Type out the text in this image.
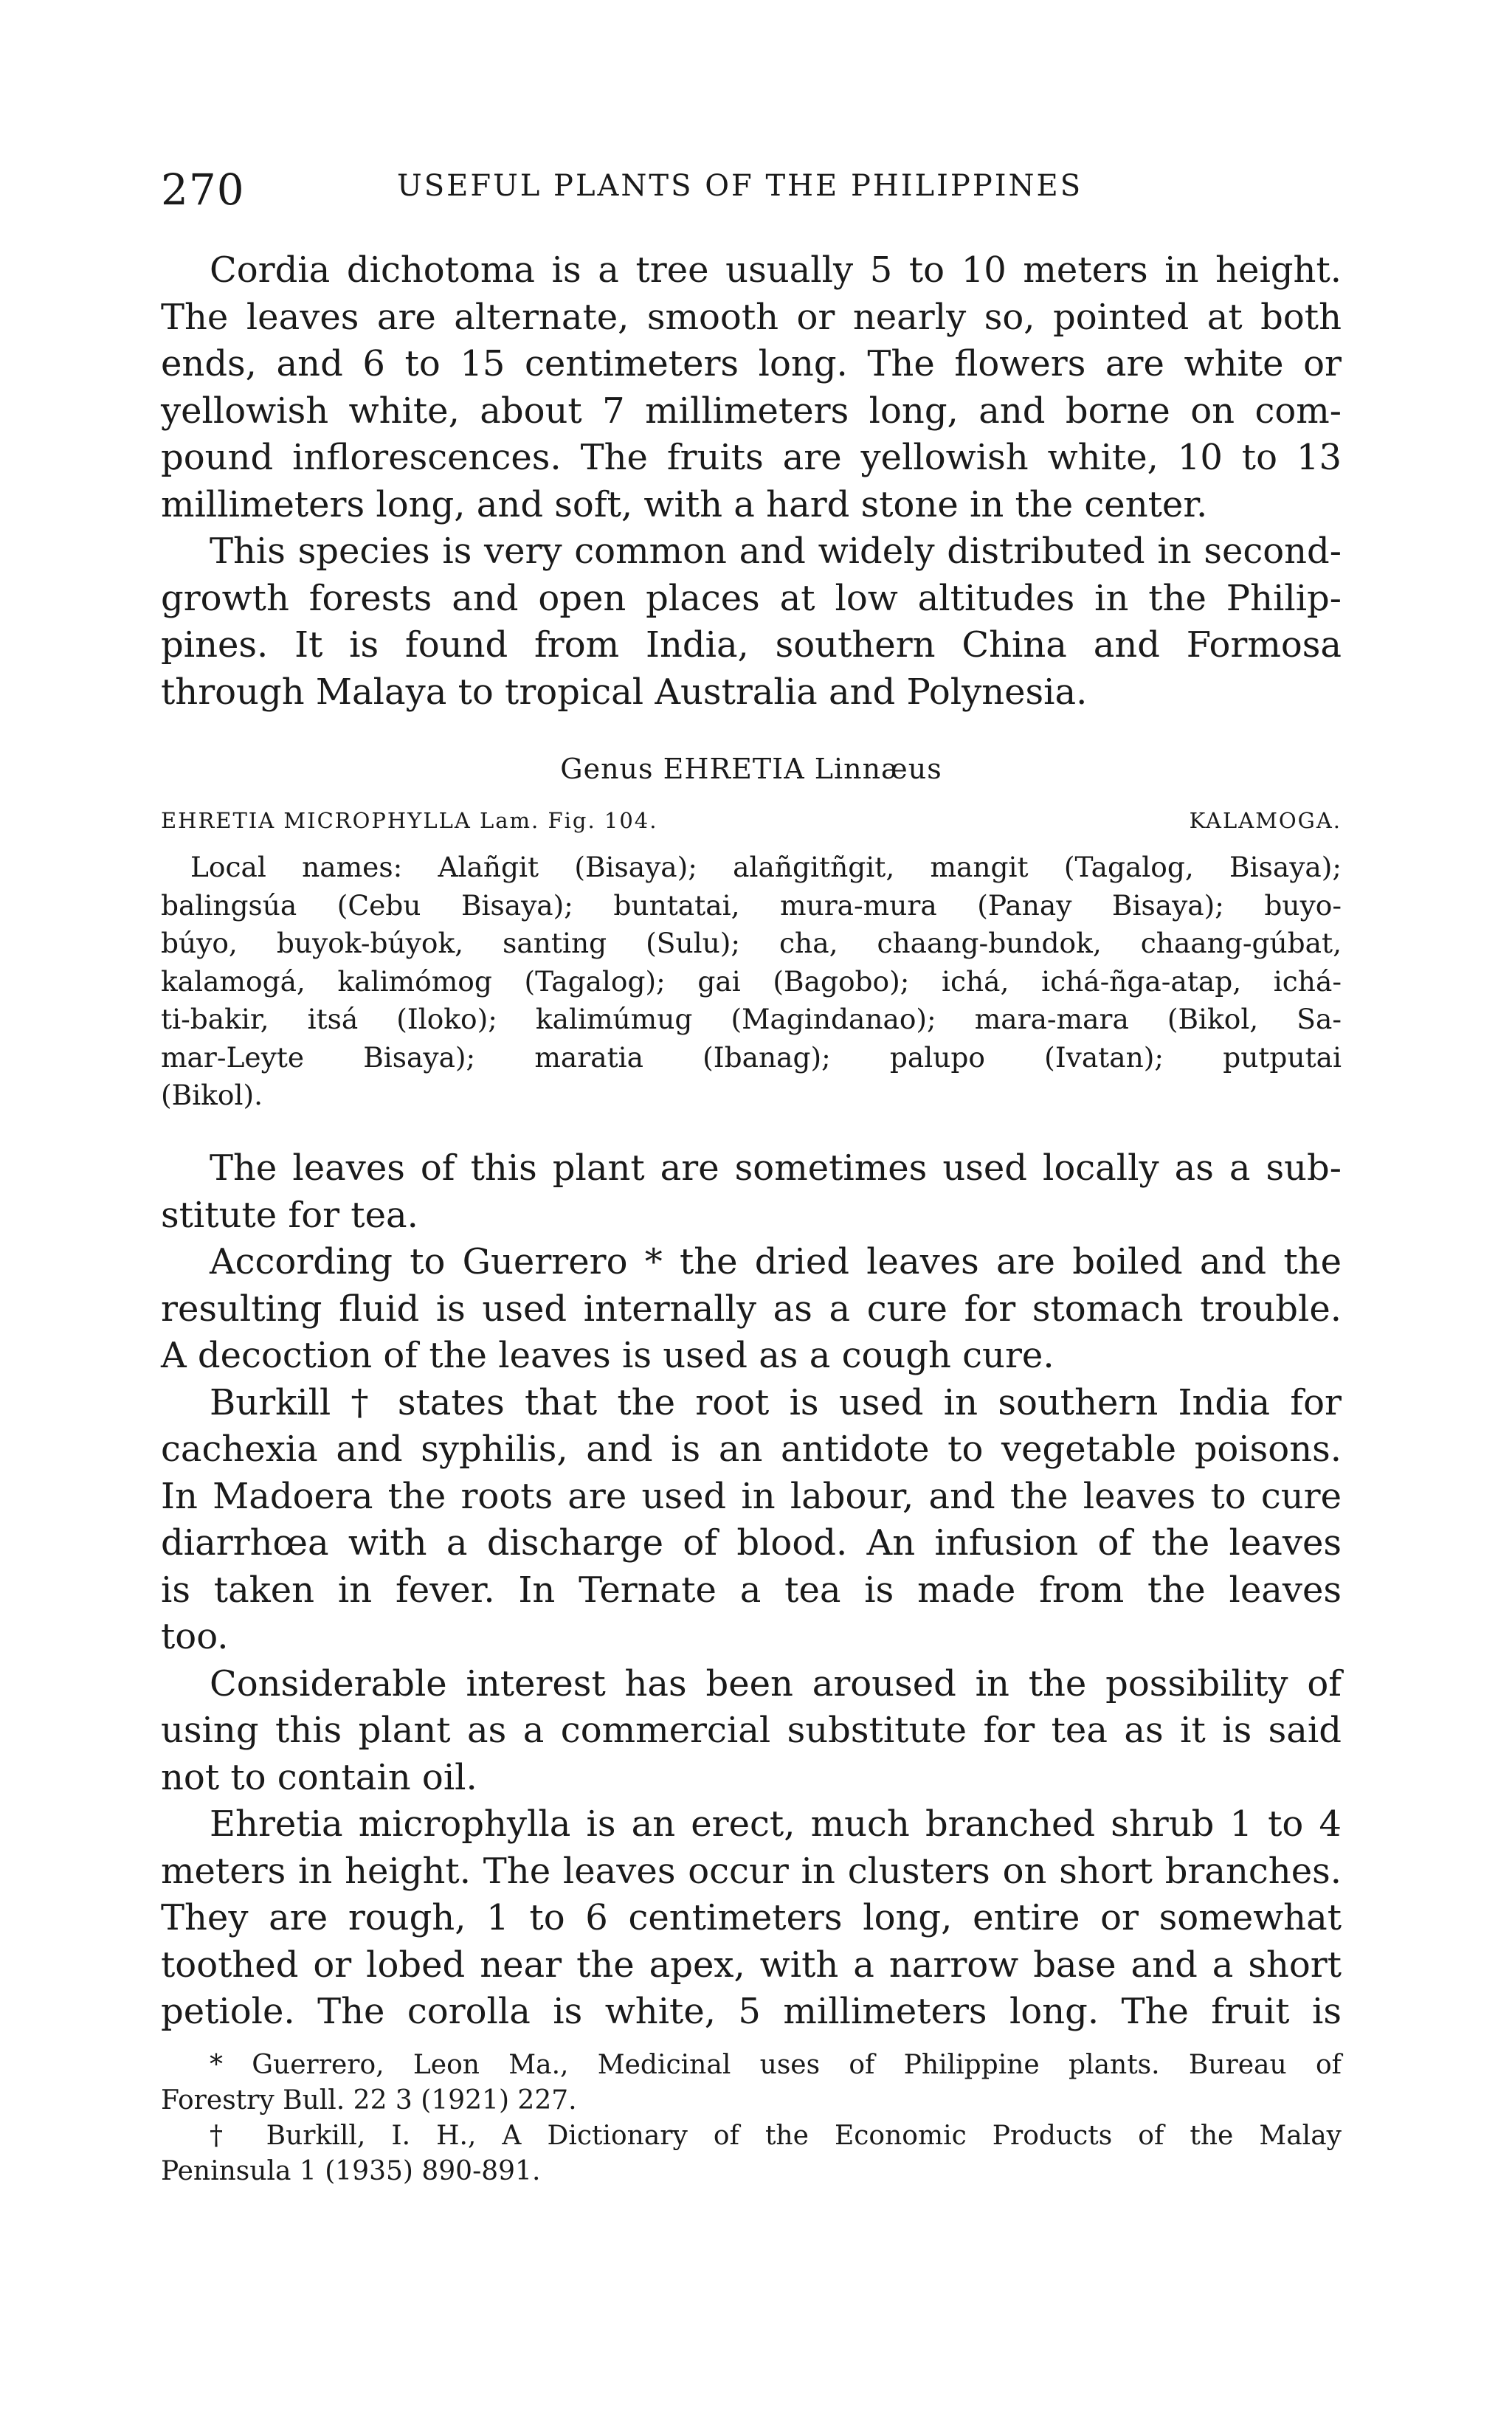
270	USEFUL PLANTS OF THE PHILIPPINES
Cordia dichotoma is a tree usually 5 to 10 meters in height.
The leaves are alternate, smooth or nearly so, pointed at both
ends, and 6 to 15 centimeters long. The flowers are white or
yellowish white, about 7 millimeters long, and borne on com-
pound inflorescences. The fruits are yellowish white, 10 to 13
millimeters long, and soft, with a hard stone in the center.
This species is very common and widely distributed in second-
growth forests and open places at low altitudes in the Philip-
pines. It is found from India, southern China and Formosa
through Malaya to tropical Australia and Polynesia.
Genus EHRETIA Linnæus
EHRETIA MICROPHYLLA Lam. Fig. 104.	KALAMOGA.
Local names: Alañgit (Bisaya); alañgitñgit, mangit (Tagalog, Bisaya);
balingsúa (Cebu Bisaya); buntatai, mura-mura (Panay Bisaya); buyo-
búyo, buyok-búyok, santing (Sulu); cha, chaang-bundok, chaang-gúbat,
kalamogá, kalimómog (Tagalog); gai (Bagobo); ichá, ichá-ñga-atap, ichá-
ti-bakir, itsá (Iloko); kalimúmug (Magindanao); mara-mara (Bikol, Sa-
mar-Leyte Bisaya); maratia (Ibanag); palupo (Ivatan); putputai
(Bikol).
The leaves of this plant are sometimes used locally as a sub-
stitute for tea.
According to Guerrero * the dried leaves are boiled and the
resulting fluid is used internally as a cure for stomach trouble.
A decoction of the leaves is used as a cough cure.
Burkill † states that the root is used in southern India for
cachexia and syphilis, and is an antidote to vegetable poisons.
In Madoera the roots are used in labour, and the leaves to cure
diarrhœa with a discharge of blood. An infusion of the leaves
is taken in fever. In Ternate a tea is made from the leaves
too.
Considerable interest has been aroused in the possibility of
using this plant as a commercial substitute for tea as it is said
not to contain oil.
Ehretia microphylla is an erect, much branched shrub 1 to 4
meters in height. The leaves occur in clusters on short branches.
They are rough, 1 to 6 centimeters long, entire or somewhat
toothed or lobed near the apex, with a narrow base and a short
petiole. The corolla is white, 5 millimeters long. The fruit is
* Guerrero, Leon Ma., Medicinal uses of Philippine plants. Bureau of
Forestry Bull. 22 3 (1921) 227.
† Burkill, I. H., A Dictionary of the Economic Products of the Malay
Peninsula 1 (1935) 890-891.
